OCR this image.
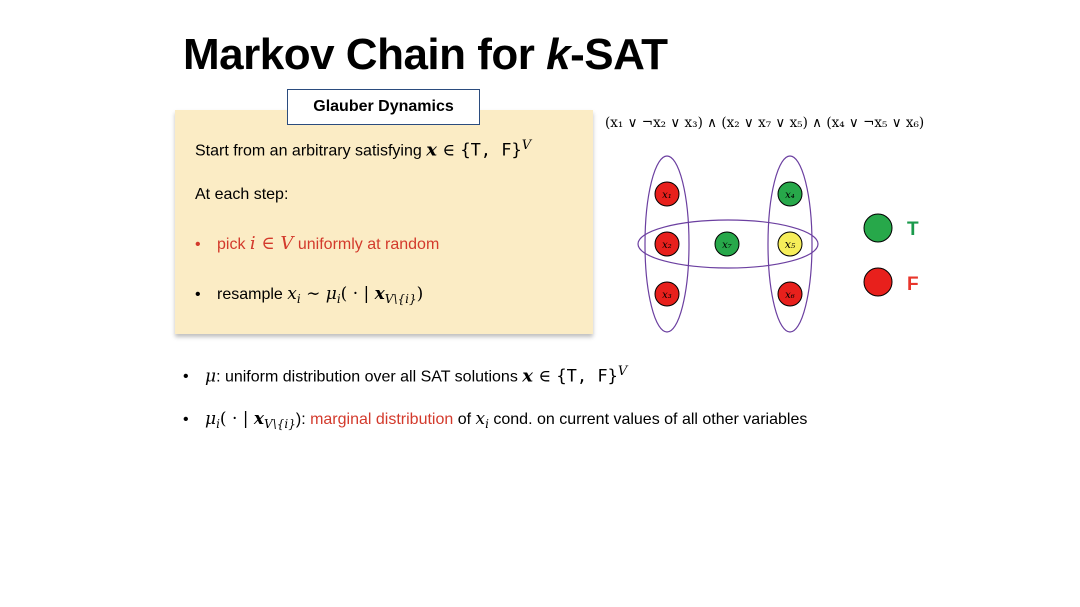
Markov Chain for k-SAT
Glauber Dynamics
Start from an arbitrary satisfying x ∈ {T, F}$^V$
At each step:
• pick i ∈ V uniformly at random
• resample $x_i$ ∼ $\mu_i$( · | $x_{V\backslash\{i\}}$)
(x₁ ∨ ¬x₂ ∨ x₃) ∧ (x₂ ∨ x₇ ∨ x₅) ∧ (x₄ ∨ ¬x₅ ∨ x₆)
x₁
x₂
x₃
x₄
x₅
x₆
x₇
T
F
• μ: uniform distribution over all SAT solutions x ∈ {T, F}$^V$
• $\mu_i$( · | $x_{V\backslash\{i\}}$): marginal distribution of $x_i$ cond. on current values of all other variables
